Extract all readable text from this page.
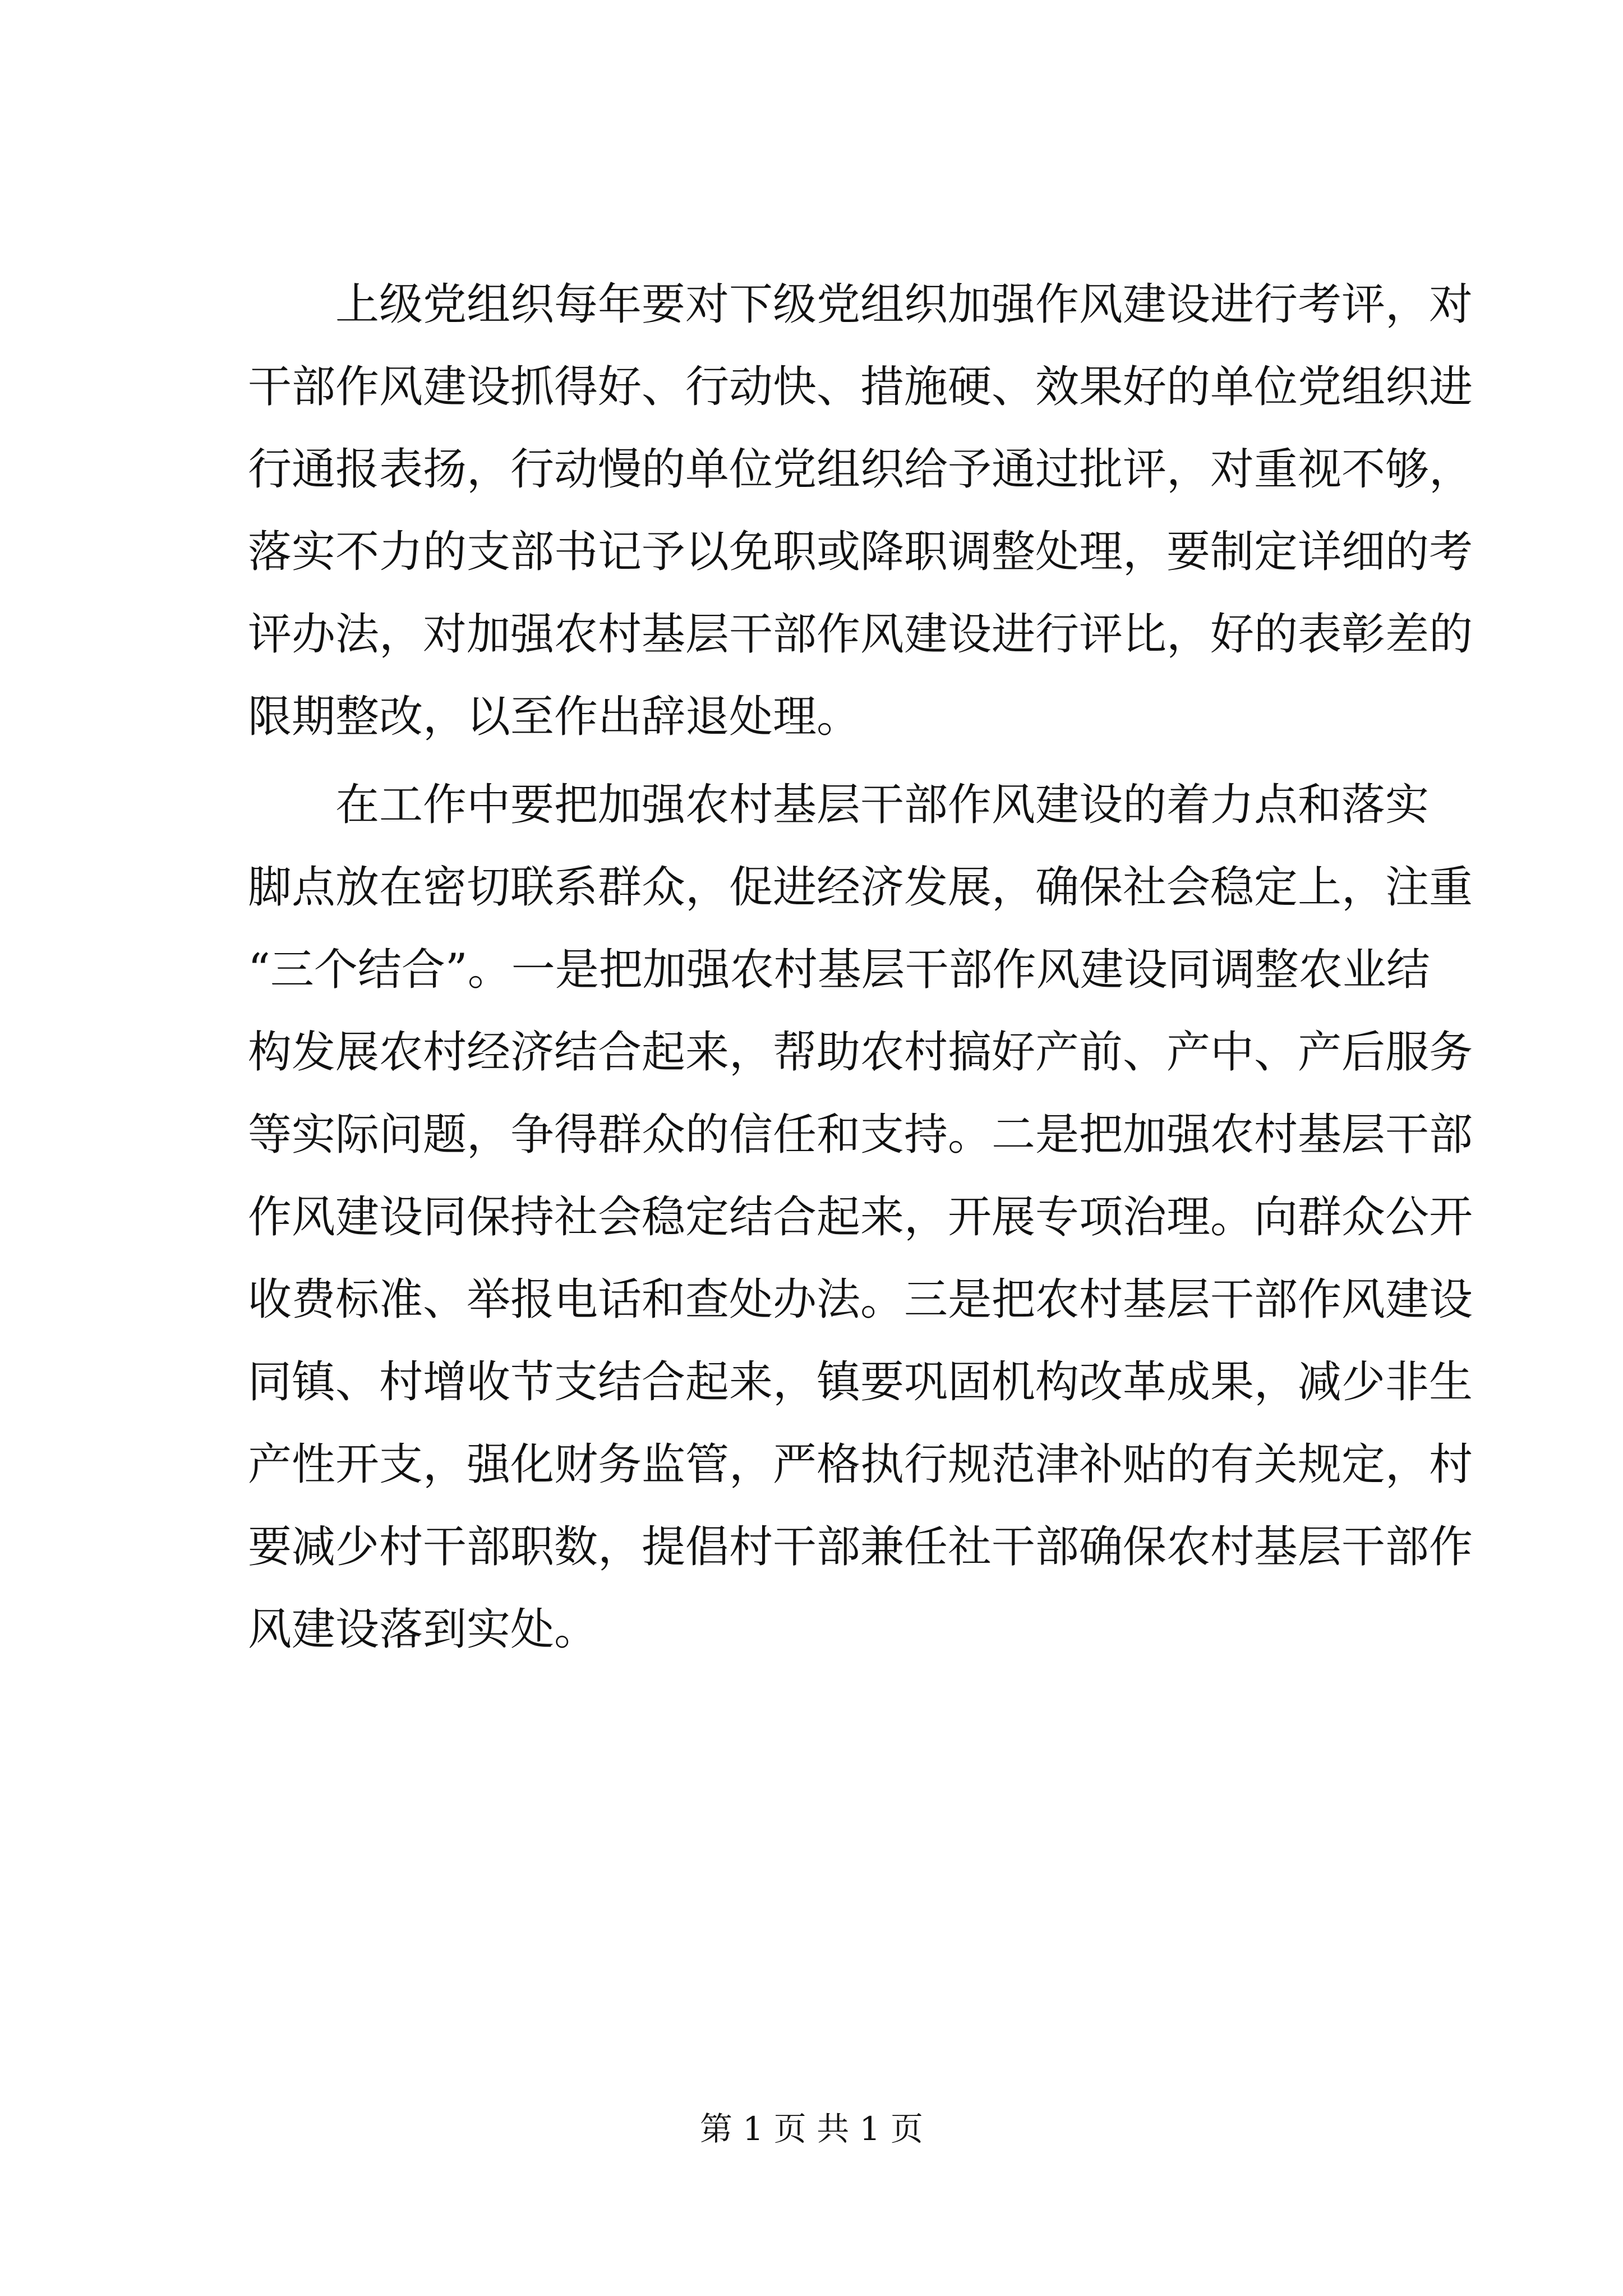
　　上级党组织每年要对下级党组织加强作风建设进行考评，对
干部作风建设抓得好、行动快、措施硬、效果好的单位党组织进
行通报表扬，行动慢的单位党组织给予通过批评，对重视不够，
落实不力的支部书记予以免职或降职调整处理，要制定详细的考
评办法，对加强农村基层干部作风建设进行评比，好的表彰差的
限期整改，以至作出辞退处理。
　　在工作中要把加强农村基层干部作风建设的着力点和落实
脚点放在密切联系群众，促进经济发展，确保社会稳定上，注重
“三个结合”。一是把加强农村基层干部作风建设同调整农业结
构发展农村经济结合起来，帮助农村搞好产前、产中、产后服务
等实际问题，争得群众的信任和支持。二是把加强农村基层干部
作风建设同保持社会稳定结合起来，开展专项治理。向群众公开
收费标准、举报电话和查处办法。三是把农村基层干部作风建设
同镇、村增收节支结合起来，镇要巩固机构改革成果，减少非生
产性开支，强化财务监管，严格执行规范津补贴的有关规定，村
要减少村干部职数，提倡村干部兼任社干部确保农村基层干部作
风建设落到实处。
第 1 页 共 1 页
